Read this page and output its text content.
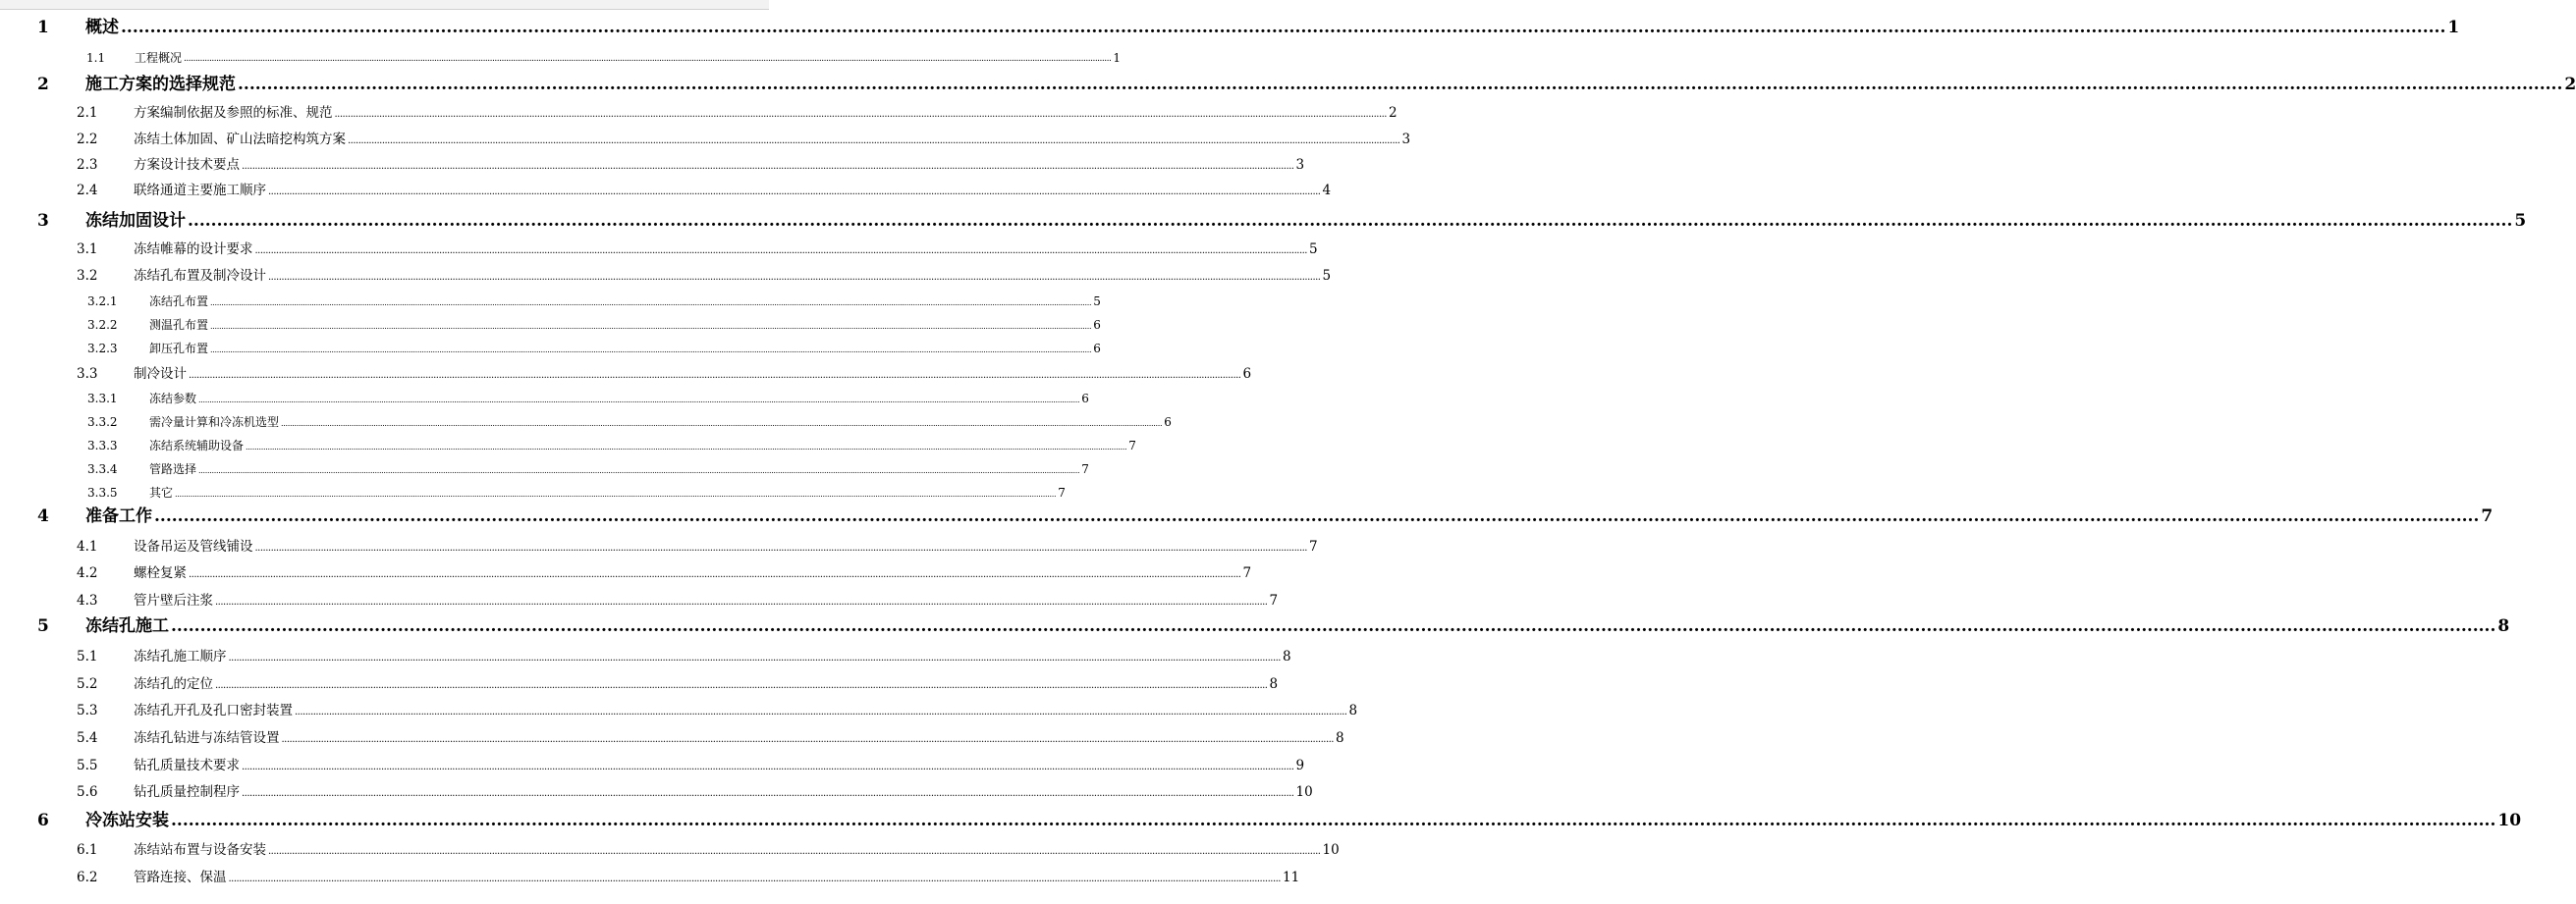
1 概述 ................................................................................................................................................................................................................................................................................................................................................................................................................ 1
1.1 工程概况 ................................................................................................................................................................................................................................................................................................................................................................................................................ 1
2 施工方案的选择规范 ................................................................................................................................................................................................................................................................................................................................................................................................................ 2
2.1	方案编制依据及参照的标准、规范 ................................................................................................................................................................................................................................................................................................................................................................................................................ 2
2.2	冻结土体加固、矿山法暗挖构筑方案 ................................................................................................................................................................................................................................................................................................................................................................................................................ 3
2.3	方案设计技术要点 ................................................................................................................................................................................................................................................................................................................................................................................................................ 3
2.4	联络通道主要施工顺序 ................................................................................................................................................................................................................................................................................................................................................................................................................ 4
3 冻结加固设计 ................................................................................................................................................................................................................................................................................................................................................................................................................ 5
3.1	冻结帷幕的设计要求 ................................................................................................................................................................................................................................................................................................................................................................................................................ 5
3.2	冻结孔布置及制冷设计 ................................................................................................................................................................................................................................................................................................................................................................................................................ 5
3.2.1	冻结孔布置 ................................................................................................................................................................................................................................................................................................................................................................................................................ 5
3.2.2	测温孔布置 ................................................................................................................................................................................................................................................................................................................................................................................................................ 6
3.2.3	卸压孔布置 ................................................................................................................................................................................................................................................................................................................................................................................................................ 6
3.3	制冷设计 ................................................................................................................................................................................................................................................................................................................................................................................................................ 6
3.3.1	冻结参数 ................................................................................................................................................................................................................................................................................................................................................................................................................ 6
3.3.2	需冷量计算和冷冻机选型 ................................................................................................................................................................................................................................................................................................................................................................................................................ 6
3.3.3	冻结系统辅助设备 ................................................................................................................................................................................................................................................................................................................................................................................................................ 7
3.3.4	管路选择 ................................................................................................................................................................................................................................................................................................................................................................................................................ 7
3.3.5	其它 ................................................................................................................................................................................................................................................................................................................................................................................................................ 7
4 准备工作 ................................................................................................................................................................................................................................................................................................................................................................................................................ 7
4.1	设备吊运及管线铺设 ................................................................................................................................................................................................................................................................................................................................................................................................................ 7
4.2	螺栓复紧 ................................................................................................................................................................................................................................................................................................................................................................................................................ 7
4.3	管片壁后注浆 ................................................................................................................................................................................................................................................................................................................................................................................................................ 7
5 冻结孔施工 ................................................................................................................................................................................................................................................................................................................................................................................................................ 8
5.1	冻结孔施工顺序 ................................................................................................................................................................................................................................................................................................................................................................................................................ 8
5.2	冻结孔的定位 ................................................................................................................................................................................................................................................................................................................................................................................................................ 8
5.3	冻结孔开孔及孔口密封装置 ................................................................................................................................................................................................................................................................................................................................................................................................................ 8
5.4	冻结孔钻进与冻结管设置 ................................................................................................................................................................................................................................................................................................................................................................................................................ 8
5.5	钻孔质量技术要求 ................................................................................................................................................................................................................................................................................................................................................................................................................ 9
5.6	钻孔质量控制程序 ................................................................................................................................................................................................................................................................................................................................................................................................................ 10
6 冷冻站安装 ................................................................................................................................................................................................................................................................................................................................................................................................................ 10
6.1	冻结站布置与设备安装 ................................................................................................................................................................................................................................................................................................................................................................................................................ 10
6.2	管路连接、保温 ................................................................................................................................................................................................................................................................................................................................................................................................................ 11
